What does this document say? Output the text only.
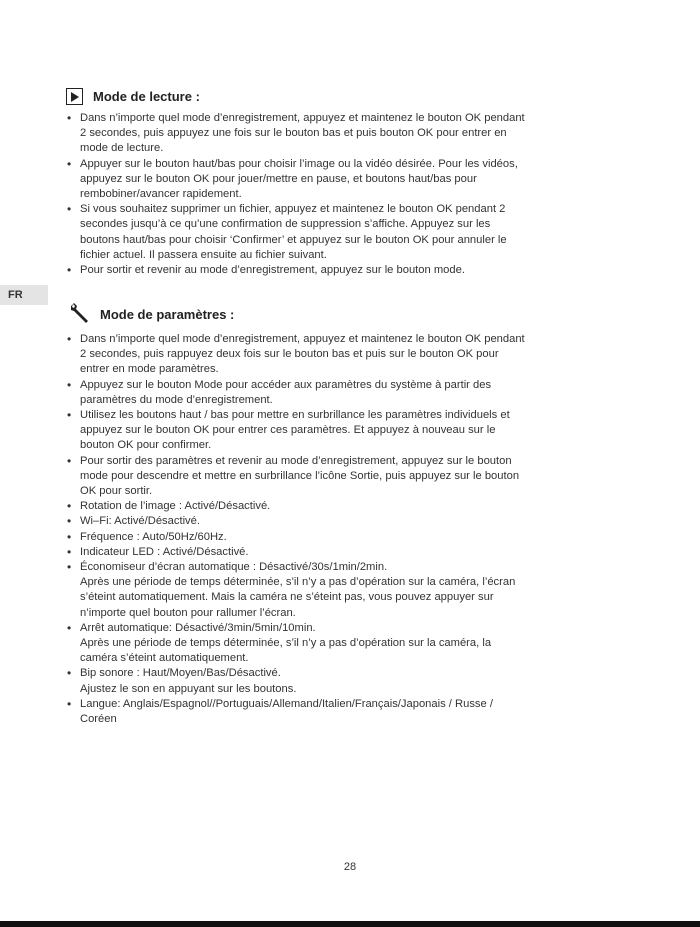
FR
Mode de lecture :
• Dans n’importe quel mode d’enregistrement, appuyez et maintenez le bouton OK pendant
2 secondes, puis appuyez une fois sur le bouton bas et puis bouton OK pour entrer en
mode de lecture.
• Appuyer sur le bouton haut/bas pour choisir l’image ou la vidéo désirée. Pour les vidéos,
appuyez sur le bouton OK pour jouer/mettre en pause, et boutons haut/bas pour
rembobiner/avancer rapidement.
• Si vous souhaitez supprimer un fichier, appuyez et maintenez le bouton OK pendant 2
secondes jusqu’à ce qu’une confirmation de suppression s’affiche. Appuyez sur les
boutons haut/bas pour choisir ‘Confirmer’ et appuyez sur le bouton OK pour annuler le
fichier actuel. Il passera ensuite au fichier suivant.
• Pour sortir et revenir au mode d’enregistrement, appuyez sur le bouton mode.
Mode de paramètres :
• Dans n’importe quel mode d’enregistrement, appuyez et maintenez le bouton OK pendant
2 secondes, puis rappuyez deux fois sur le bouton bas et puis sur le bouton OK pour
entrer en mode paramètres.
• Appuyez sur le bouton Mode pour accéder aux paramètres du système à partir des
paramètres du mode d’enregistrement.
• Utilisez les boutons haut / bas pour mettre en surbrillance les paramètres individuels et
appuyez sur le bouton OK pour entrer ces paramètres. Et appuyez à nouveau sur le
bouton OK pour confirmer.
• Pour sortir des paramètres et revenir au mode d’enregistrement, appuyez sur le bouton
mode pour descendre et mettre en surbrillance l’icône Sortie, puis appuyez sur le bouton
OK pour sortir.
• Rotation de l’image : Activé/Désactivé.
• Wi–Fi: Activé/Désactivé.
• Fréquence : Auto/50Hz/60Hz.
• Indicateur LED : Activé/Désactivé.
• Économiseur d’écran automatique : Désactivé/30s/1min/2min.
Après une période de temps déterminée, s’il n’y a pas d’opération sur la caméra, l’écran
s’éteint automatiquement. Mais la caméra ne s’éteint pas, vous pouvez appuyer sur
n’importe quel bouton pour rallumer l’écran.
• Arrêt automatique: Désactivé/3min/5min/10min.
Après une période de temps déterminée, s’il n’y a pas d’opération sur la caméra, la
caméra s’éteint automatiquement.
• Bip sonore : Haut/Moyen/Bas/Désactivé.
Ajustez le son en appuyant sur les boutons.
• Langue: Anglais/Espagnol//Portuguais/Allemand/Italien/Français/Japonais / Russe /
Coréen
28
